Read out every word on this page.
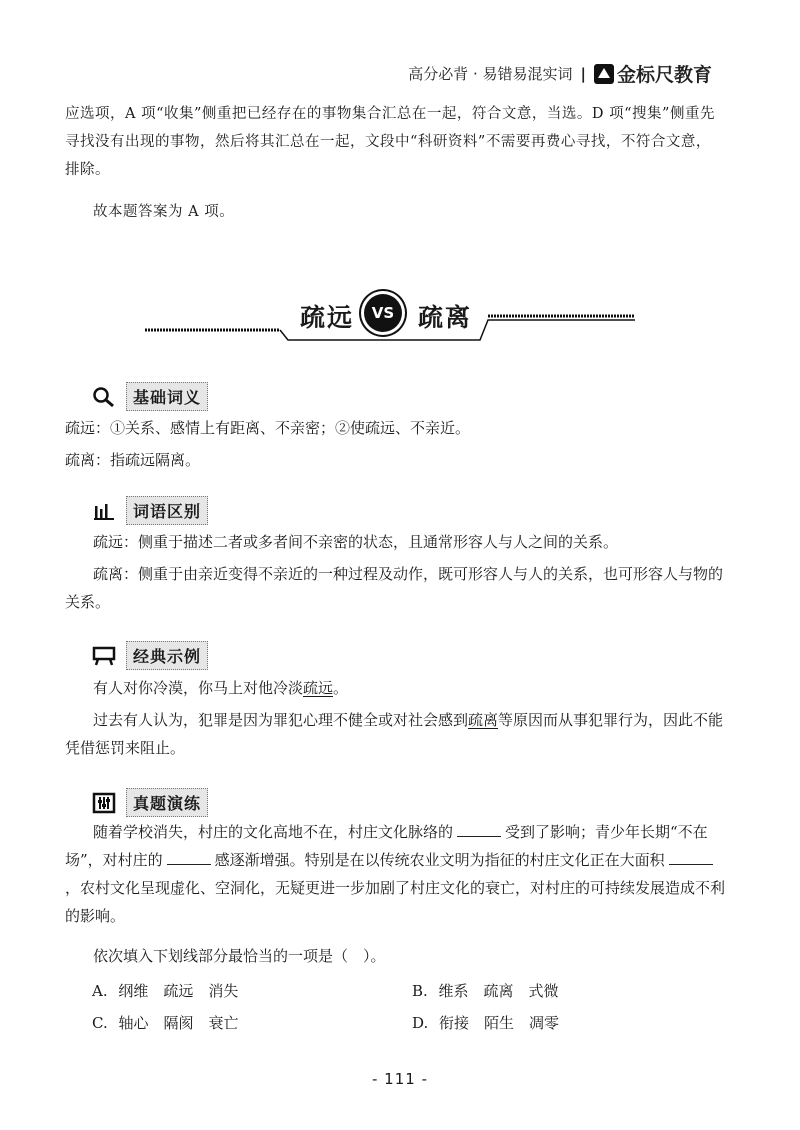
高分必背 · 易错易混实词 | 金标尺教育

应选项，A 项“收集”侧重把已经存在的事物集合汇总在一起，符合文意，当选。D 项“搜集”侧重先寻找没有出现的事物，然后将其汇总在一起，文段中“科研资料”不需要再费心寻找，不符合文意，排除。

故本题答案为 A 项。

疏远	VS 疏离
基础词义

疏远：①关系、感情上有距离、不亲密；②使疏远、不亲近。

疏离：指疏远隔离。

词语区别

疏远：侧重于描述二者或多者间不亲密的状态，且通常形容人与人之间的关系。

疏离：侧重于由亲近变得不亲近的一种过程及动作，既可形容人与人的关系，也可形容人与物的关系。

经典示例

有人对你冷漠，你马上对他冷淡疏远。

过去有人认为，犯罪是因为罪犯心理不健全或对社会感到疏离等原因而从事犯罪行为，因此不能凭借惩罚来阻止。

真题演练

随着学校消失，村庄的文化高地不在，村庄文化脉络的	受到了影响；青少年长期“不在场”，对村庄的	感逐渐增强。特别是在以传统农业文明为指征的村庄文化正在大面积，农村文化呈现虚化、空洞化，无疑更进一步加剧了村庄文化的衰亡，对村庄的可持续发展造成不利的影响。

依次填入下划线部分最恰当的一项是（　）。

A. 纲维　疏远　消失	B. 维系　疏离　式微
C. 轴心　隔阂　衰亡	D. 衔接　陌生　凋零
- 111 -
